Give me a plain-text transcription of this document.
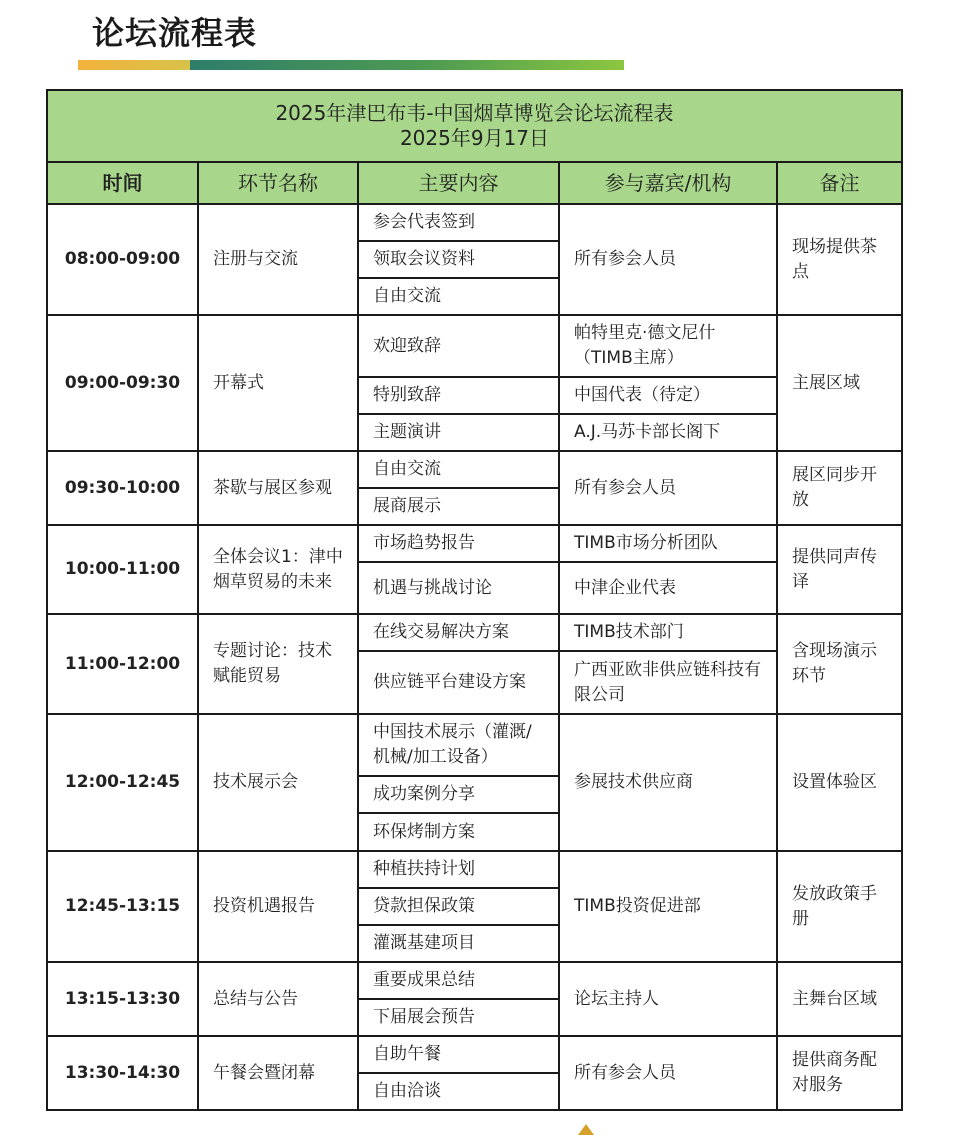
论坛流程表
2025年津巴布韦-中国烟草博览会论坛流程表
2025年9月17日				

时间	环节名称	主要内容	参与嘉宾/机构	备注
08:00-09:00	注册与交流	参会代表签到	所有参会人员	现场提供茶点
		领取会议资料		
		自由交流		
09:00-09:30	开幕式	欢迎致辞	帕特里克·德文尼什（TIMB主席）	主展区域
		特别致辞	中国代表（待定）	
		主题演讲	A.J.马苏卡部长阁下	
09:30-10:00	茶歇与展区参观	自由交流	所有参会人员	展区同步开放
		展商展示		
10:00-11:00	全体会议1：津中烟草贸易的未来	市场趋势报告	TIMB市场分析团队	提供同声传译
		机遇与挑战讨论	中津企业代表	
11:00-12:00	专题讨论：技术赋能贸易	在线交易解决方案	TIMB技术部门	含现场演示环节
		供应链平台建设方案	广西亚欧非供应链科技有限公司	
12:00-12:45	技术展示会	中国技术展示（灌溉/机械/加工设备）	参展技术供应商	设置体验区
		成功案例分享		
		环保烤制方案		
12:45-13:15	投资机遇报告	种植扶持计划	TIMB投资促进部	发放政策手册
		贷款担保政策		
		灌溉基建项目		
13:15-13:30	总结与公告	重要成果总结	论坛主持人	主舞台区域
		下届展会预告		
13:30-14:30	午餐会暨闭幕	自助午餐	所有参会人员	提供商务配对服务
		自由洽谈		
